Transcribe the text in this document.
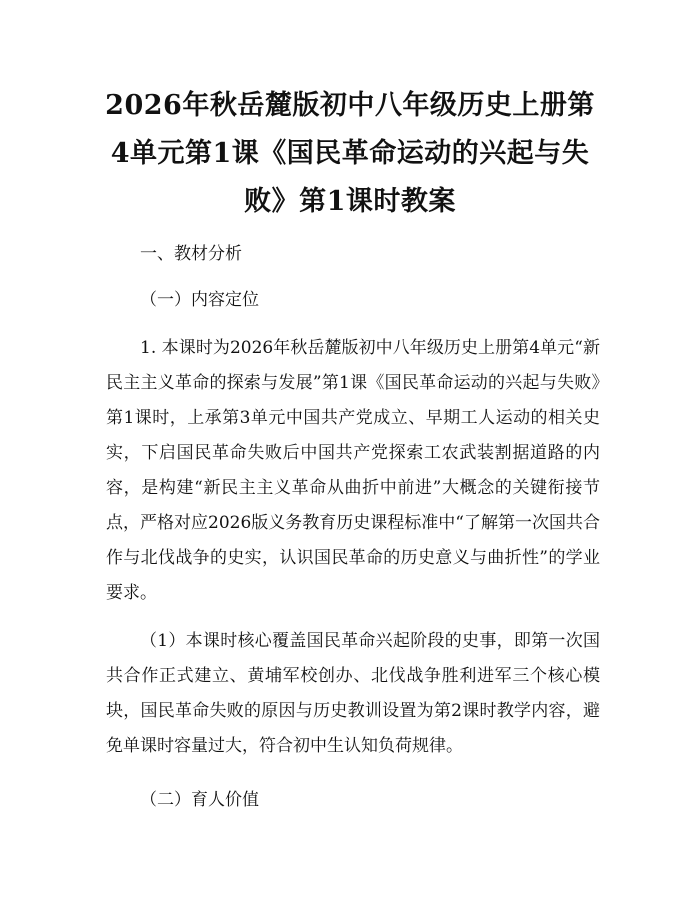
2026年秋岳麓版初中八年级历史上册第4单元第1课《国民革命运动的兴起与失败》第1课时教案

一、教材分析

（一）内容定位

1. 本课时为2026年秋岳麓版初中八年级历史上册第4单元“新民主主义革命的探索与发展”第1课《国民革命运动的兴起与失败》第1课时，上承第3单元中国共产党成立、早期工人运动的相关史实，下启国民革命失败后中国共产党探索工农武装割据道路的内容，是构建“新民主主义革命从曲折中前进”大概念的关键衔接节点，严格对应2026版义务教育历史课程标准中“了解第一次国共合作与北伐战争的史实，认识国民革命的历史意义与曲折性”的学业要求。

（1）本课时核心覆盖国民革命兴起阶段的史事，即第一次国共合作正式建立、黄埔军校创办、北伐战争胜利进军三个核心模块，国民革命失败的原因与历史教训设置为第2课时教学内容，避免单课时容量过大，符合初中生认知负荷规律。

（二）育人价值
